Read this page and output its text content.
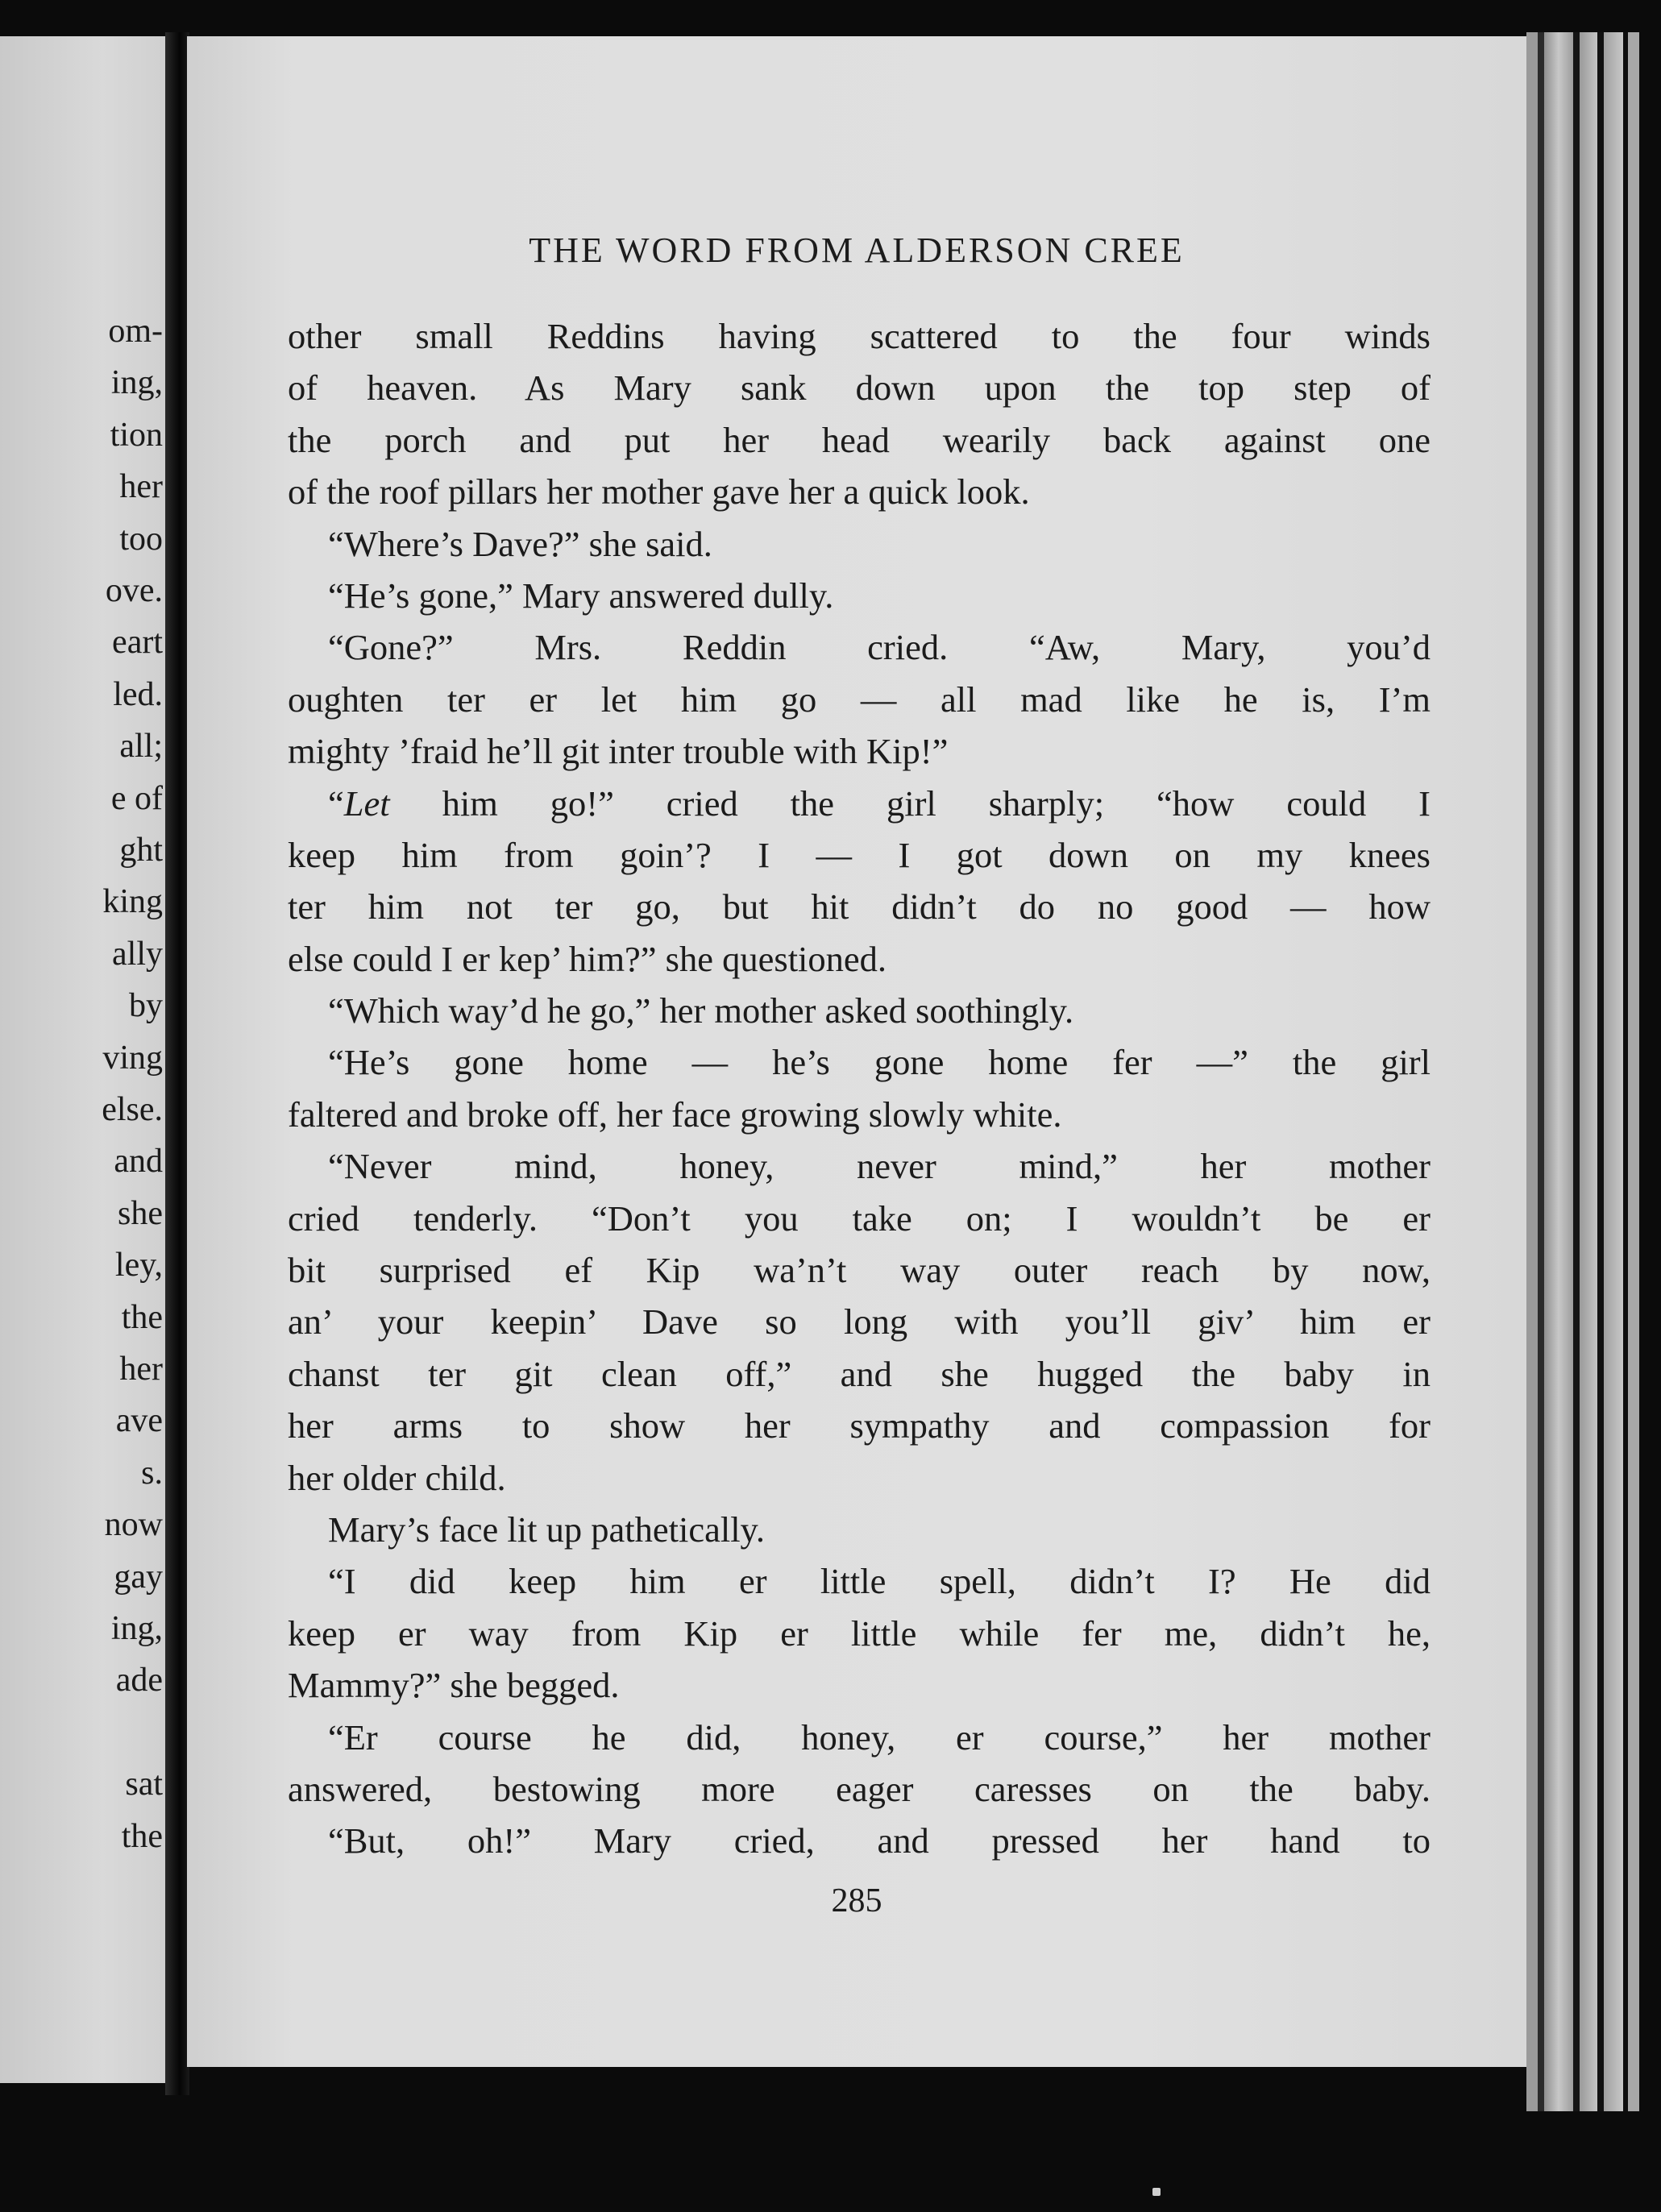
om-
ing,
tion
her
too
ove.
eart
led.
all;
e of
ght
king
ally
by
ving
else.
and
she
ley,
the
her
ave
s.
now
gay
ing,
ade
sat
the
THE WORD FROM ALDERSON CREE
other small Reddins having scattered to the four winds
of heaven. As Mary sank down upon the top step of
the porch and put her head wearily back against one
of the roof pillars her mother gave her a quick look.
“Where’s Dave?” she said.
“He’s gone,” Mary answered dully.
“Gone?” Mrs. Reddin cried. “Aw, Mary, you’d
oughten ter er let him go — all mad like he is, I’m
mighty ’fraid he’ll git inter trouble with Kip!”
“Let him go!” cried the girl sharply; “how could I
keep him from goin’? I — I got down on my knees
ter him not ter go, but hit didn’t do no good — how
else could I er kep’ him?” she questioned.
“Which way’d he go,” her mother asked soothingly.
“He’s gone home — he’s gone home fer —” the girl
faltered and broke off, her face growing slowly white.
“Never mind, honey, never mind,” her mother
cried tenderly. “Don’t you take on; I wouldn’t be er
bit surprised ef Kip wa’n’t way outer reach by now,
an’ your keepin’ Dave so long with you’ll giv’ him er
chanst ter git clean off,” and she hugged the baby in
her arms to show her sympathy and compassion for
her older child.
Mary’s face lit up pathetically.
“I did keep him er little spell, didn’t I? He did
keep er way from Kip er little while fer me, didn’t he,
Mammy?” she begged.
“Er course he did, honey, er course,” her mother
answered, bestowing more eager caresses on the baby.
“But, oh!” Mary cried, and pressed her hand to
285
